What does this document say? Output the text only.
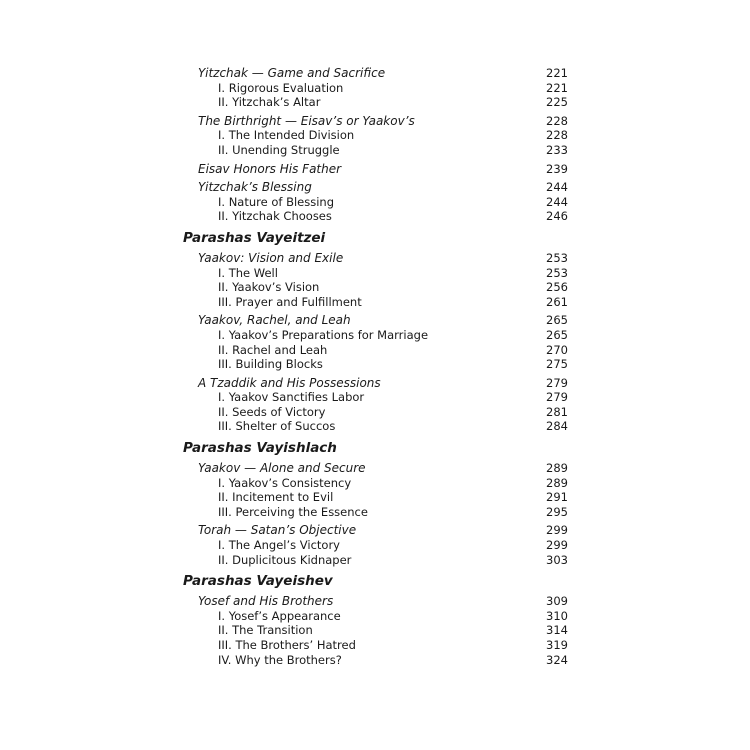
Yitzchak — Game and Sacrifice	221
I. Rigorous Evaluation	221
II. Yitzchak’s Altar	225
The Birthright — Eisav’s or Yaakov’s	228
I. The Intended Division	228
II. Unending Struggle	233
Eisav Honors His Father	239
Yitzchak’s Blessing	244
I. Nature of Blessing	244
II. Yitzchak Chooses	246
Parashas Vayeitzei
Yaakov: Vision and Exile	253
I. The Well	253
II. Yaakov’s Vision	256
III. Prayer and Fulfillment	261
Yaakov, Rachel, and Leah	265
I. Yaakov’s Preparations for Marriage	265
II. Rachel and Leah	270
III. Building Blocks	275
A Tzaddik and His Possessions	279
I. Yaakov Sanctifies Labor	279
II. Seeds of Victory	281
III. Shelter of Succos	284
Parashas Vayishlach
Yaakov — Alone and Secure	289
I. Yaakov’s Consistency	289
II. Incitement to Evil	291
III. Perceiving the Essence	295
Torah — Satan’s Objective	299
I. The Angel’s Victory	299
II. Duplicitous Kidnaper	303
Parashas Vayeishev
Yosef and His Brothers	309
I. Yosef’s Appearance	310
II. The Transition	314
III. The Brothers’ Hatred	319
IV. Why the Brothers?	324
